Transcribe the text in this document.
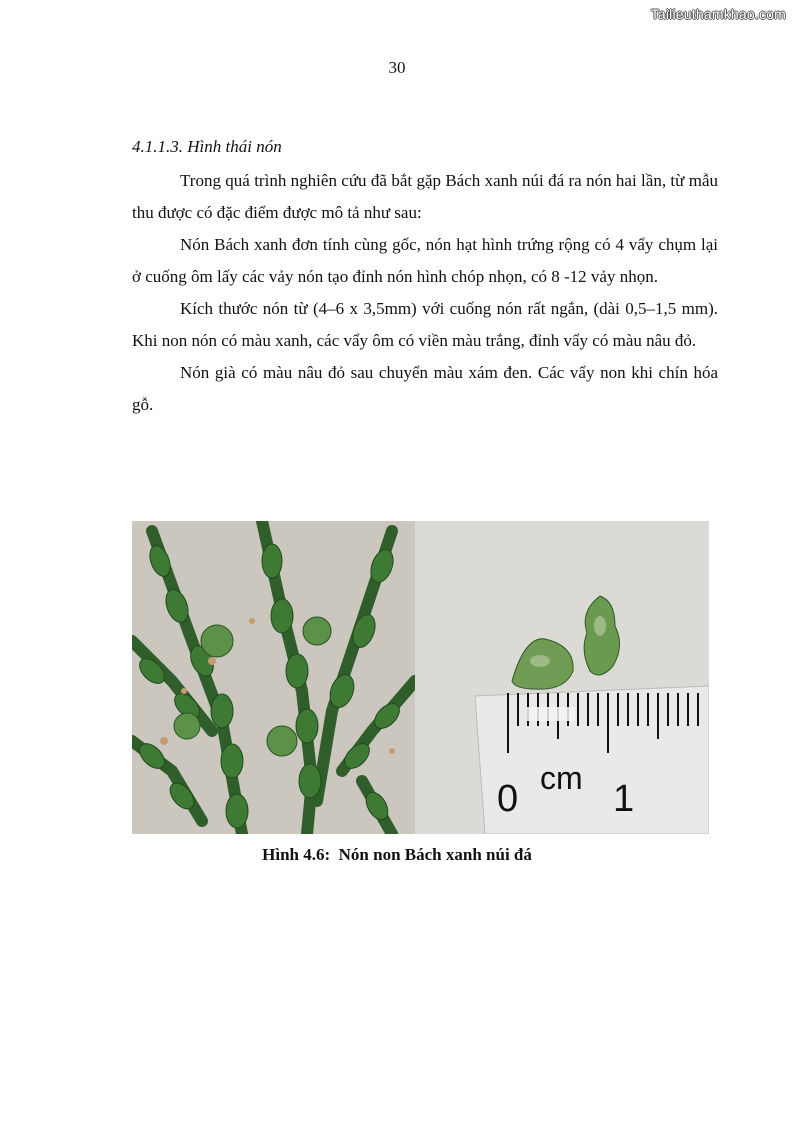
Tailieuthamkhao.com
30

4.1.1.3. Hình thái nón

Trong quá trình nghiên cứu đã bắt gặp Bách xanh núi đá ra nón hai lần, từ mẫu thu được có đặc điểm được mô tả như sau:

Nón Bách xanh đơn tính cùng gốc, nón hạt hình trứng rộng có 4 vẩy chụm lại ở cuống ôm lấy các vảy nón tạo đỉnh nón hình chóp nhọn, có 8 -12 vảy nhọn.

Kích thước nón từ (4–6 x 3,5mm) với cuống nón rất ngắn, (dài 0,5–1,5 mm). Khi non nón có màu xanh, các vẩy ôm có viền màu trắng, đỉnh vẩy có màu nâu đỏ.

Nón già có màu nâu đỏ sau chuyển màu xám đen. Các vẩy non khi chín hóa gỗ.

0 cm 1
Hình 4.6:  Nón non Bách xanh núi đá
